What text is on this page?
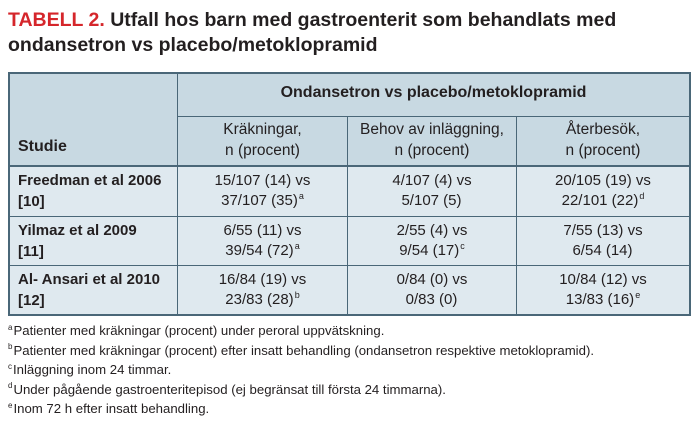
TABELL 2. Utfall hos barn med gastroenterit som behandlats med ondansetron vs placebo/metoklopramid
Ondansetron vs placebo/metoklopramid
Studie
Kräkningar,
n (procent)
Behov av inläggning,
n (procent)
Återbesök,
n (procent)
Freedman et al 2006
[10]
15/107 (14) vs
37/107 $(35)^a$
4/107 (4) vs
5/107 (5)
20/105 (19) vs
22/101 $(22)^d$
Yilmaz et al 2009
[11]
6/55 (11) vs
39/54 $(72)^a$
2/55 (4) vs
9/54 $(17)^c$
7/55 (13) vs
6/54 (14)
Al- Ansari et al 2010
[12]
16/84 (19) vs
23/83 $(28)^b$
0/84 (0) vs
0/83 (0)
10/84 (12) vs
13/83 $(16)^e$
$^a$Patienter med kräkningar (procent) under peroral uppvätskning.
$^b$Patienter med kräkningar (procent) efter insatt behandling (ondansetron respektive metoklopramid).
$^c$Inläggning inom 24 timmar.
$^d$Under pågående gastroenteritepisod (ej begränsat till första 24 timmarna).
$^e$Inom 72 h efter insatt behandling.
